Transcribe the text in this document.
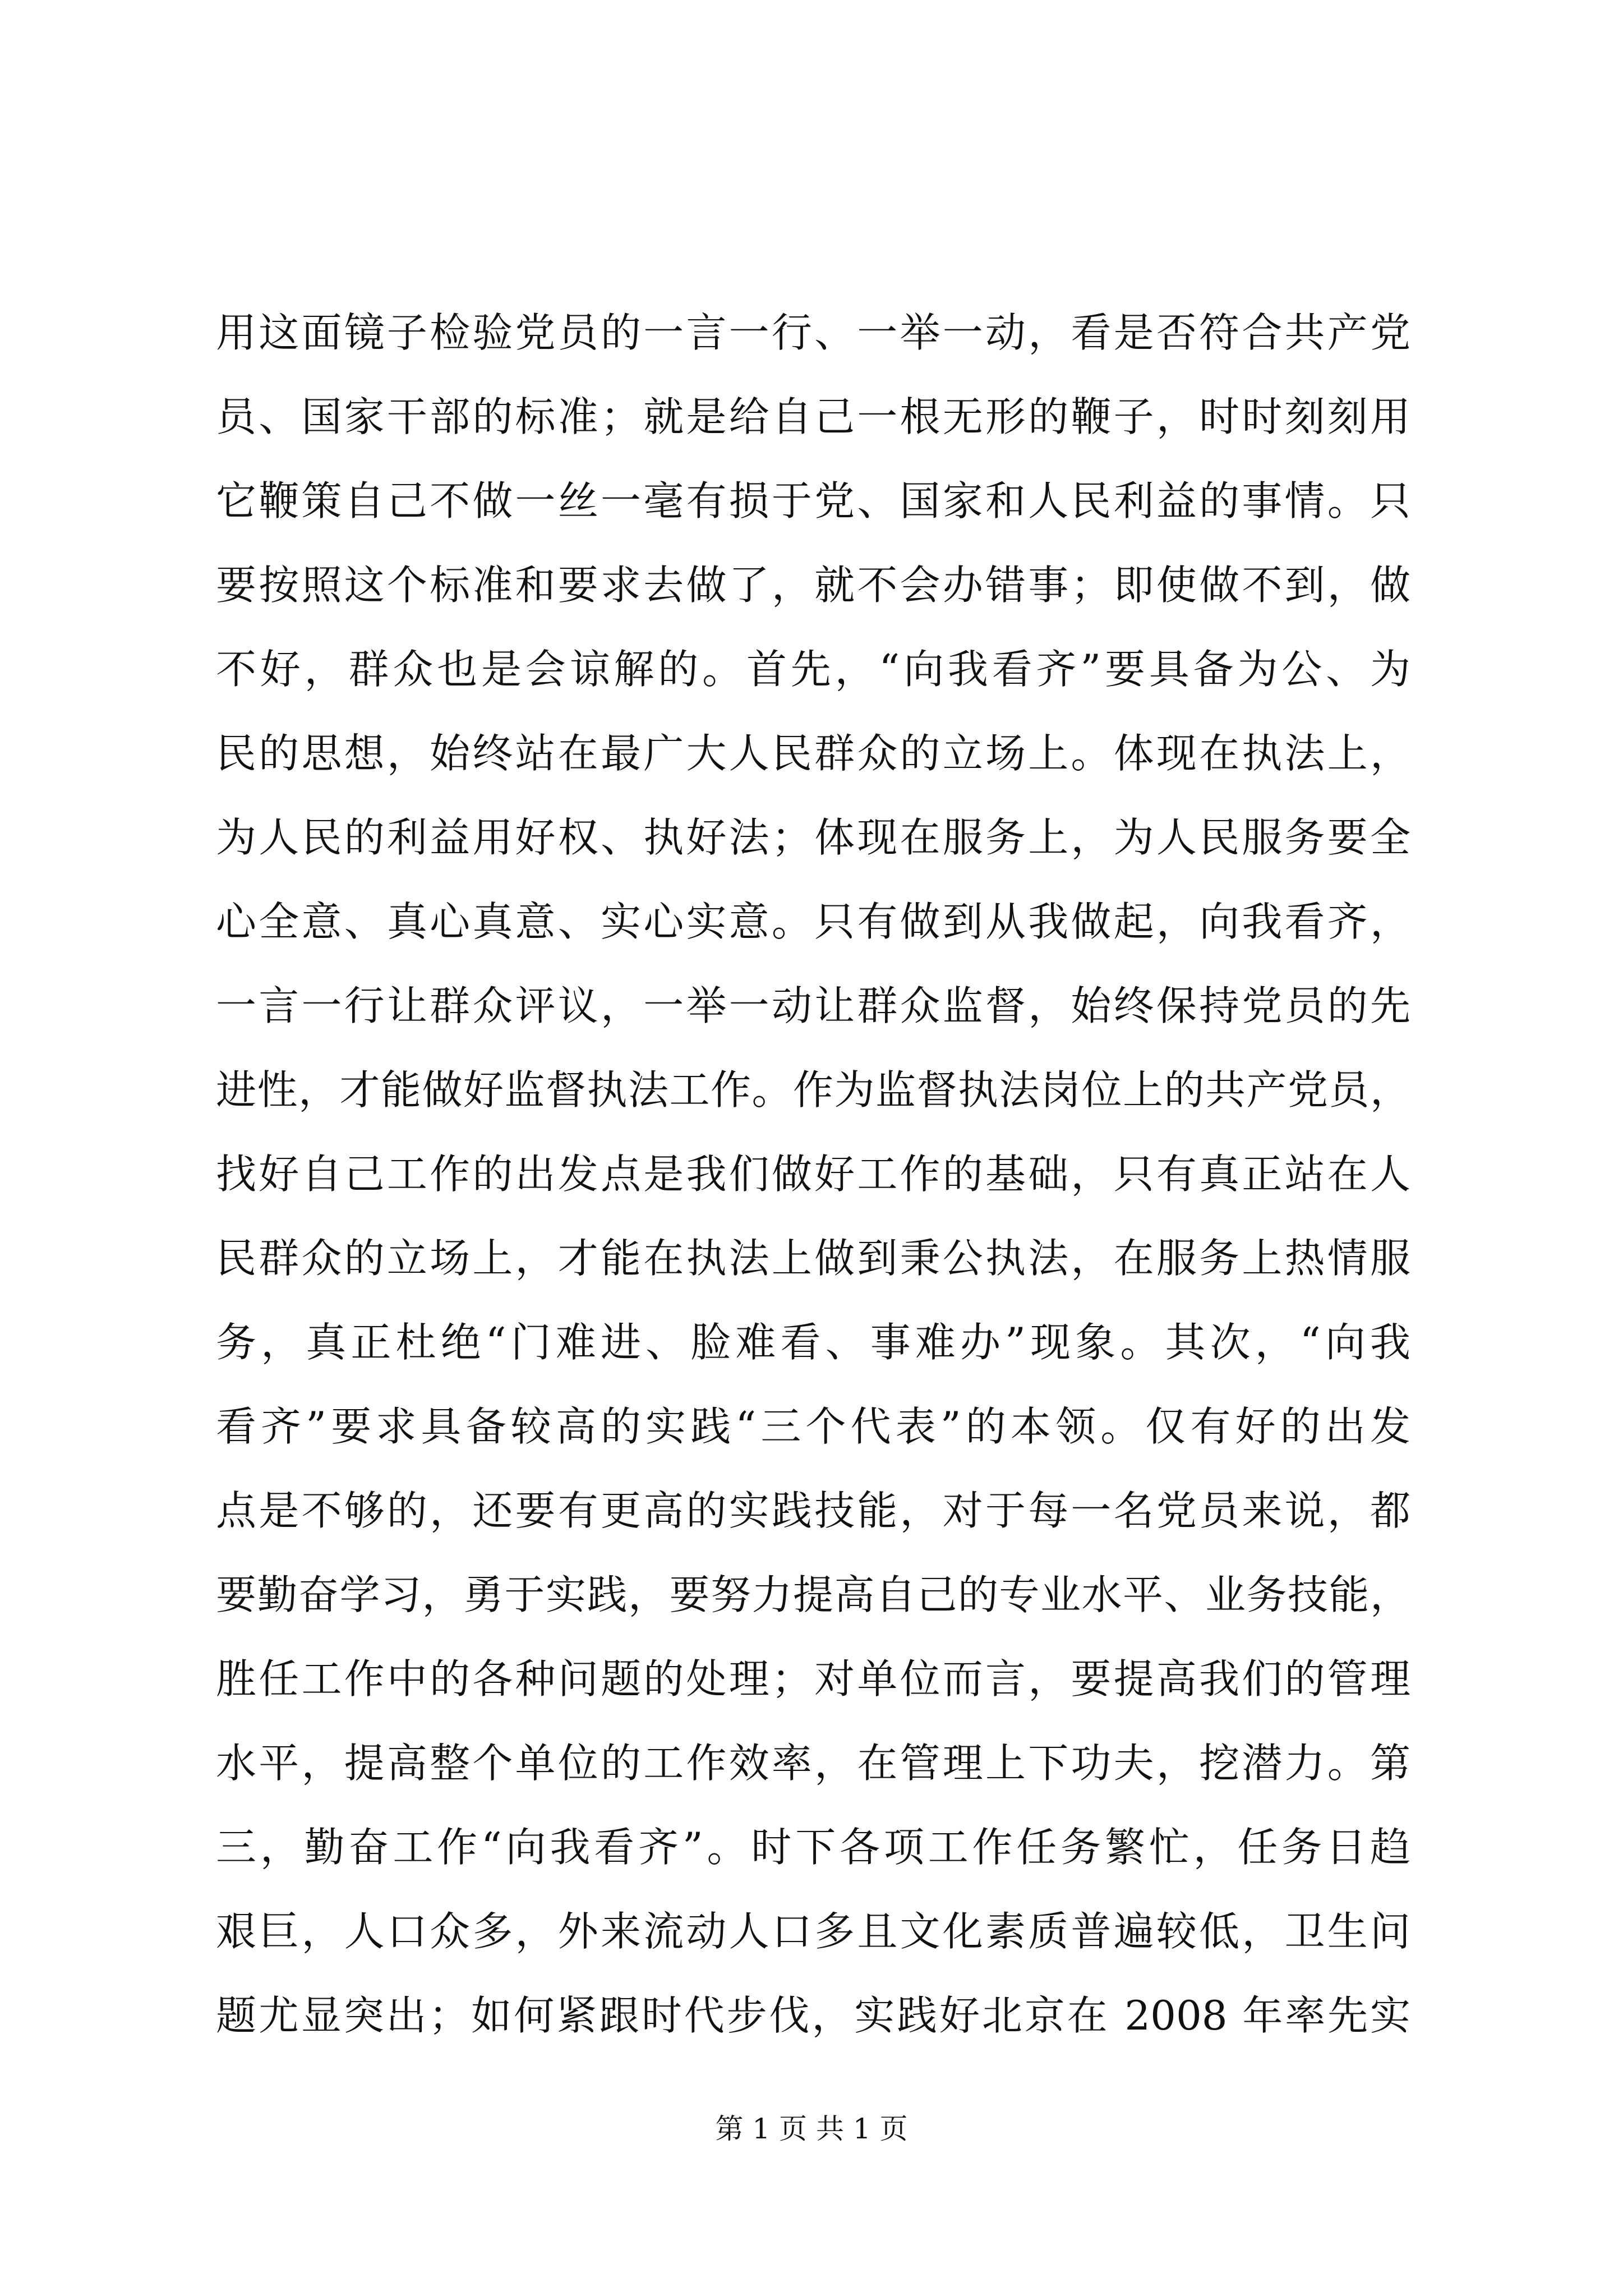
用这面镜子检验党员的一言一行、一举一动，看是否符合共产党
员、国家干部的标准；就是给自己一根无形的鞭子，时时刻刻用
它鞭策自己不做一丝一毫有损于党、国家和人民利益的事情。只
要按照这个标准和要求去做了，就不会办错事；即使做不到，做
不好，群众也是会谅解的。首先，“向我看齐”要具备为公、为
民的思想，始终站在最广大人民群众的立场上。体现在执法上，
为人民的利益用好权、执好法；体现在服务上，为人民服务要全
心全意、真心真意、实心实意。只有做到从我做起，向我看齐，
一言一行让群众评议，一举一动让群众监督，始终保持党员的先
进性，才能做好监督执法工作。作为监督执法岗位上的共产党员，
找好自己工作的出发点是我们做好工作的基础，只有真正站在人
民群众的立场上，才能在执法上做到秉公执法，在服务上热情服
务，真正杜绝“门难进、脸难看、事难办”现象。其次，“向我
看齐”要求具备较高的实践“三个代表”的本领。仅有好的出发
点是不够的，还要有更高的实践技能，对于每一名党员来说，都
要勤奋学习，勇于实践，要努力提高自己的专业水平、业务技能，
胜任工作中的各种问题的处理；对单位而言，要提高我们的管理
水平，提高整个单位的工作效率，在管理上下功夫，挖潜力。第
三，勤奋工作“向我看齐”。时下各项工作任务繁忙，任务日趋
艰巨，人口众多，外来流动人口多且文化素质普遍较低，卫生问
题尤显突出；如何紧跟时代步伐，实践好北京在 2008 年率先实
第 1 页 共 1 页
